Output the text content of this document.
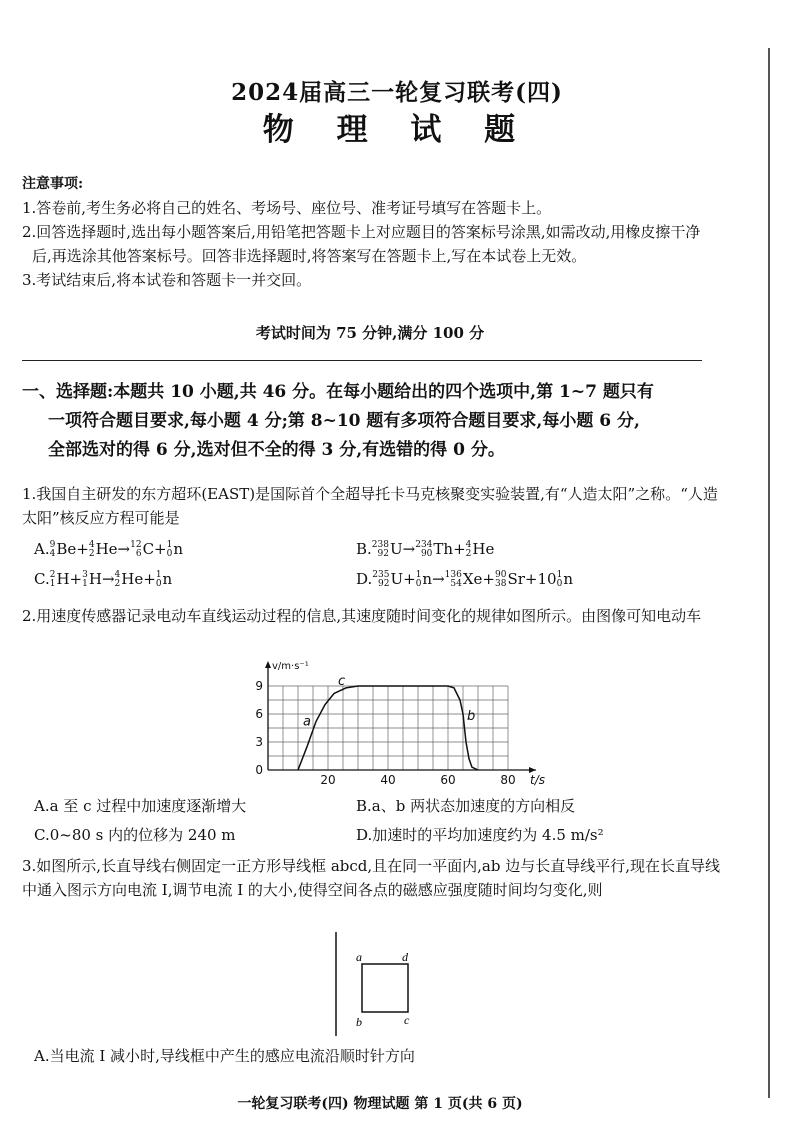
2024届高三一轮复习联考(四)
物 理 试 题
注意事项:
1.答卷前,考生务必将自己的姓名、考场号、座位号、准考证号填写在答题卡上。
2.回答选择题时,选出每小题答案后,用铅笔把答题卡上对应题目的答案标号涂黑,如需改动,用橡皮擦干净后,再选涂其他答案标号。回答非选择题时,将答案写在答题卡上,写在本试卷上无效。
3.考试结束后,将本试卷和答题卡一并交回。
考试时间为 75 分钟,满分 100 分
一、选择题:本题共 10 小题,共 46 分。在每小题给出的四个选项中,第 1~7 题只有
一项符合题目要求,每小题 4 分;第 8~10 题有多项符合题目要求,每小题 6 分,
全部选对的得 6 分,选对但不全的得 3 分,有选错的得 0 分。
1.我国自主研发的东方超环(EAST)是国际首个全超导托卡马克核聚变实验装置,有“人造太阳”之称。“人造太阳”核反应方程可能是
A. 9
4 Be+ 4
2 He→ 12
6 C+ 1
0 n	B. 238
92 U→ 234
90 Th+ 4
2 He
C. 2
1 H+ 3
1 H→ 4
2 He+ 1
0 n	D. 235
92 U+ 1
0 n→ 136
54 Xe+ 90
38 Sr+10 1
0 n
2.用速度传感器记录电动车直线运动过程的信息,其速度随时间变化的规律如图所示。由图像可知电动车
20	40	60	80
3
6
9
0
t/s
v/m·s⁻¹
a
c
b
A.a 至 c 过程中加速度逐渐增大	B.a、b 两状态加速度的方向相反
C.0~80 s 内的位移为 240 m	D.加速时的平均加速度约为 4.5 m/s²
3.如图所示,长直导线右侧固定一正方形导线框 abcd,且在同一平面内,ab 边与长直导线平行,现在长直导线中通入图示方向电流 I,调节电流 I 的大小,使得空间各点的磁感应强度随时间均匀变化,则
a	d
b	c
A.当电流 I 减小时,导线框中产生的感应电流沿顺时针方向
一轮复习联考(四) 物理试题 第 1 页(共 6 页)
